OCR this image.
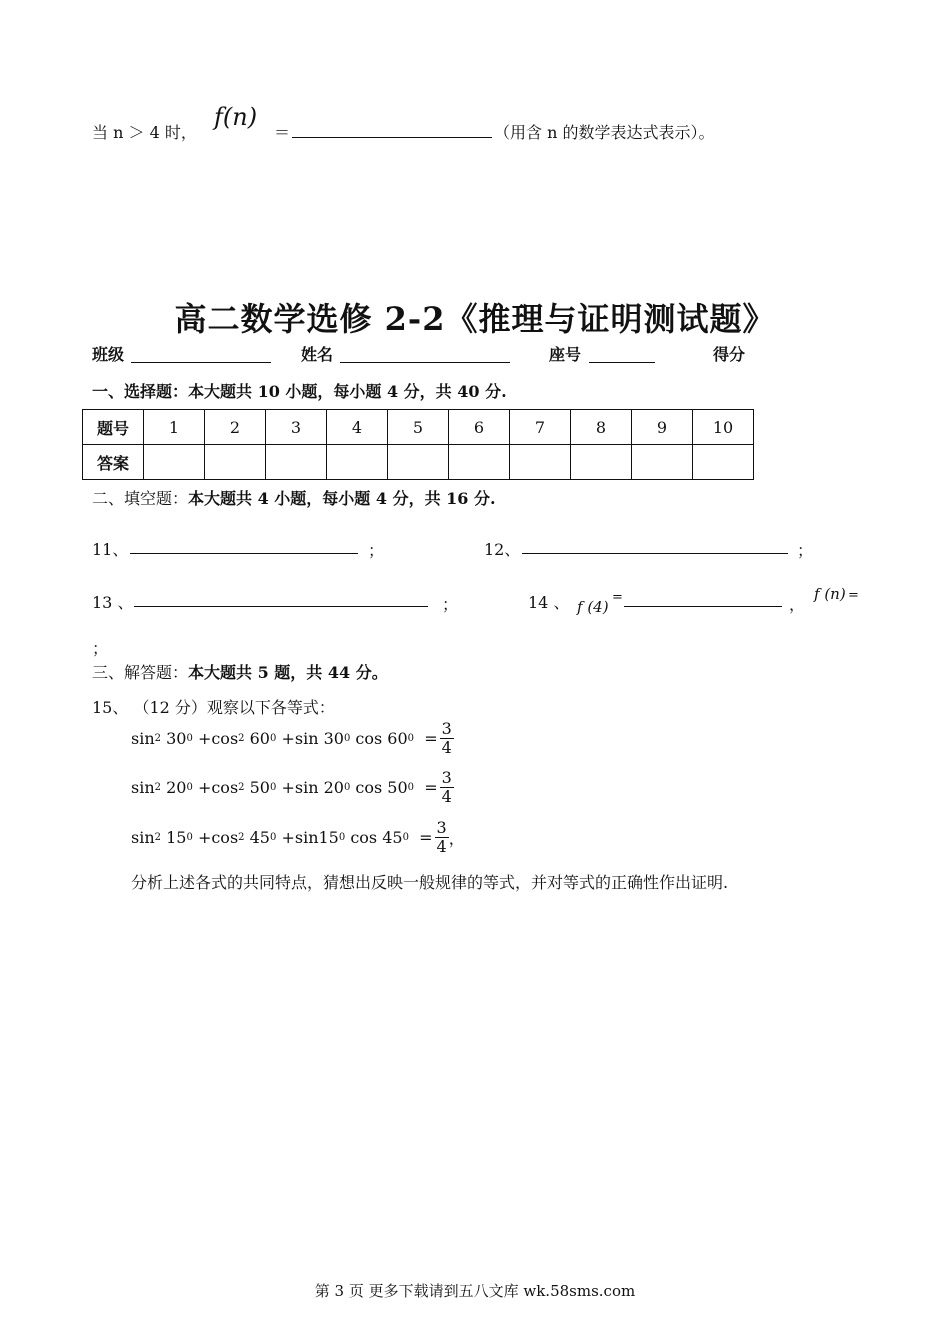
当 n ＞ 4 时，
f(n)
＝	（用含 n 的数学表达式表示）。
高二数学选修 2-2《推理与证明测试题》
班级	姓名	座号	得分
一、选择题：本大题共 10 小题，每小题 4 分，共 40 分.
题号	1	2	3	4	5	6	7	8	9	10
答案										
二、填空题：本大题共 4 小题，每小题 4 分，共 16 分.
11、	；	12、	；
13 、	；	14 、 f (4)
=	，
f (n) =
；
三、解答题：本大题共 5 题，共 44 分。
15、 （12 分）观察以下各等式：
sin 2
30 0
+cos 2
60 0
+sin 30 0
cos 60 0
= $\frac{3}{4}$
sin 2
20 0
+cos 2
50 0
+sin 20 0
cos 50 0
= $\frac{3}{4}$
sin 2
15 0
+cos 2
45 0
+sin15 0
cos 45 0
= $\frac{3}{4}$ ，
分析上述各式的共同特点，猜想出反映一般规律的等式，并对等式的正确性作出证明.
第 3 页 更多下载请到五八文库 wk.58sms.com
